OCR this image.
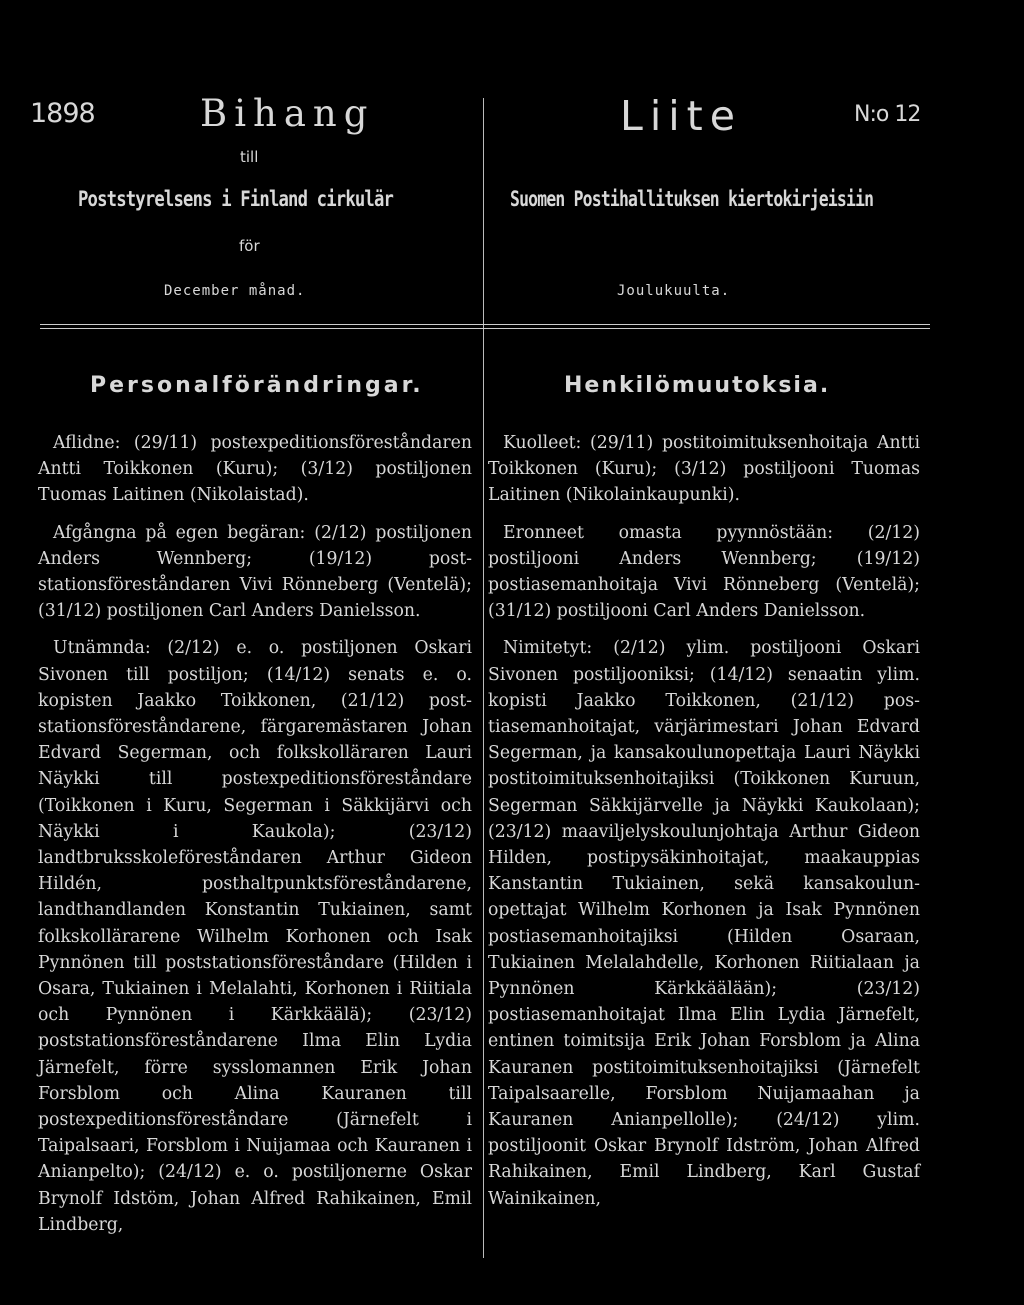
1898	Bihang
till
Liite	N:o 12
Poststyrelsens i Finland cirkulär	Suomen Postihallituksen kiertokirjeisiin
för
December månad.	Joulukuulta.
Personalförändringar.	Henkilömuutoksia.

Aflidne: (29/11) postexpeditionsföreståndaren Antti Toikkonen (Kuru); (3/12) postiljonen Tuomas Laitinen (Nikolaistad).

Afgångna på egen begäran: (2/12) postiljonen Anders Wennberg; (19/12) poststationsföreståndaren Vivi Rönneberg (Ventelä); (31/12) postiljonen Carl Anders Danielsson.

Utnämnda: (2/12) e. o. postiljonen Oskari Sivonen till postiljon; (14/12) senats e. o. kopisten Jaakko Toikkonen, (21/12) poststationsföreståndarene, färgaremästaren Johan Edvard Segerman, och folkskolläraren Lauri Näykki till postexpeditionsföreståndare (Toikkonen i Kuru, Segerman i Säkkijärvi och Näykki i Kaukola); (23/12) landtbruksskoleföreståndaren Arthur Gideon Hildén, posthaltpunktsföreståndarene, landthandlanden Konstantin Tukiainen, samt folkskollärarene Wilhelm Korhonen och Isak Pynnönen till poststationsföreståndare (Hilden i Osara, Tukiainen i Melalahti, Korhonen i Riitiala och Pynnönen i Kärkkäälä); (23/12) poststationsföreståndarene Ilma Elin Lydia Järnefelt, förre sysslomannen Erik Johan Forsblom och Alina Kauranen till postexpeditionsföreståndare (Järnefelt i Taipalsaari, Forsblom i Nuijamaa och Kauranen i Anianpelto); (24/12) e. o. postiljonerne Oskar Brynolf Idstöm, Johan Alfred Rahikainen, Emil Lindberg,

Kuolleet: (29/11) postitoimituksenhoitaja Antti Toikkonen (Kuru); (3/12) postiljooni Tuomas Laitinen (Nikolainkaupunki).

Eronneet omasta pyynnöstään: (2/12) postiljooni Anders Wennberg; (19/12) postiasemanhoitaja Vivi Rönneberg (Ventelä); (31/12) postiljooni Carl Anders Danielsson.

Nimitetyt: (2/12) ylim. postiljooni Oskari Sivonen postiljooniksi; (14/12) senaatin ylim. kopisti Jaakko Toikkonen, (21/12) postiasemanhoitajat, värjärimestari Johan Edvard Segerman, ja kansakoulunopettaja Lauri Näykki postitoimituksenhoitajiksi (Toikkonen Kuruun, Segerman Säkkijärvelle ja Näykki Kaukolaan); (23/12) maaviljelyskoulunjohtaja Arthur Gideon Hilden, postipysäkinhoitajat, maakauppias Kanstantin Tukiainen, sekä kansakoulunopettajat Wilhelm Korhonen ja Isak Pynnönen postiasemanhoitajiksi (Hilden Osaraan, Tukiainen Melalahdelle, Korhonen Riitialaan ja Pynnönen Kärkkäälään); (23/12) postiasemanhoitajat Ilma Elin Lydia Järnefelt, entinen toimitsija Erik Johan Forsblom ja Alina Kauranen postitoimituksenhoitajiksi (Järnefelt Taipalsaarelle, Forsblom Nuijamaahan ja Kauranen Anianpellolle); (24/12) ylim. postiljoonit Oskar Brynolf Idström, Johan Alfred Rahikainen, Emil Lindberg, Karl Gustaf Wainikainen,
